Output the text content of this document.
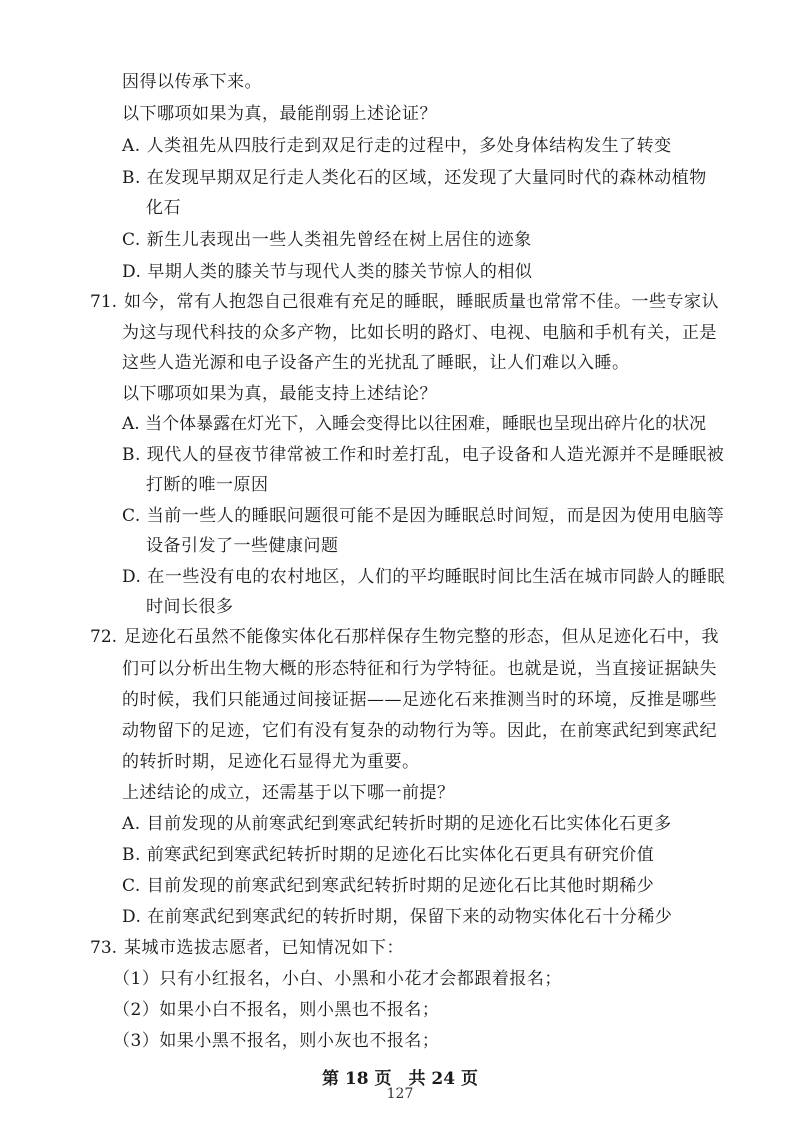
因得以传承下来。
以下哪项如果为真，最能削弱上述论证？
A. 人类祖先从四肢行走到双足行走的过程中，多处身体结构发生了转变
B. 在发现早期双足行走人类化石的区域，还发现了大量同时代的森林动植物
化石
C. 新生儿表现出一些人类祖先曾经在树上居住的迹象
D. 早期人类的膝关节与现代人类的膝关节惊人的相似
71. 如今，常有人抱怨自己很难有充足的睡眠，睡眠质量也常常不佳。一些专家认
为这与现代科技的众多产物，比如长明的路灯、电视、电脑和手机有关，正是
这些人造光源和电子设备产生的光扰乱了睡眠，让人们难以入睡。
以下哪项如果为真，最能支持上述结论？
A. 当个体暴露在灯光下，入睡会变得比以往困难，睡眠也呈现出碎片化的状况
B. 现代人的昼夜节律常被工作和时差打乱，电子设备和人造光源并不是睡眠被
打断的唯一原因
C. 当前一些人的睡眠问题很可能不是因为睡眠总时间短，而是因为使用电脑等
设备引发了一些健康问题
D. 在一些没有电的农村地区，人们的平均睡眠时间比生活在城市同龄人的睡眠
时间长很多
72. 足迹化石虽然不能像实体化石那样保存生物完整的形态，但从足迹化石中，我
们可以分析出生物大概的形态特征和行为学特征。也就是说，当直接证据缺失
的时候，我们只能通过间接证据——足迹化石来推测当时的环境，反推是哪些
动物留下的足迹，它们有没有复杂的动物行为等。因此，在前寒武纪到寒武纪
的转折时期，足迹化石显得尤为重要。
上述结论的成立，还需基于以下哪一前提？
A. 目前发现的从前寒武纪到寒武纪转折时期的足迹化石比实体化石更多
B. 前寒武纪到寒武纪转折时期的足迹化石比实体化石更具有研究价值
C. 目前发现的前寒武纪到寒武纪转折时期的足迹化石比其他时期稀少
D. 在前寒武纪到寒武纪的转折时期，保留下来的动物实体化石十分稀少
73. 某城市选拔志愿者，已知情况如下：
（1）只有小红报名，小白、小黑和小花才会都跟着报名；
（2）如果小白不报名，则小黑也不报名；
（3）如果小黑不报名，则小灰也不报名；
第 18 页　共 24 页
127
